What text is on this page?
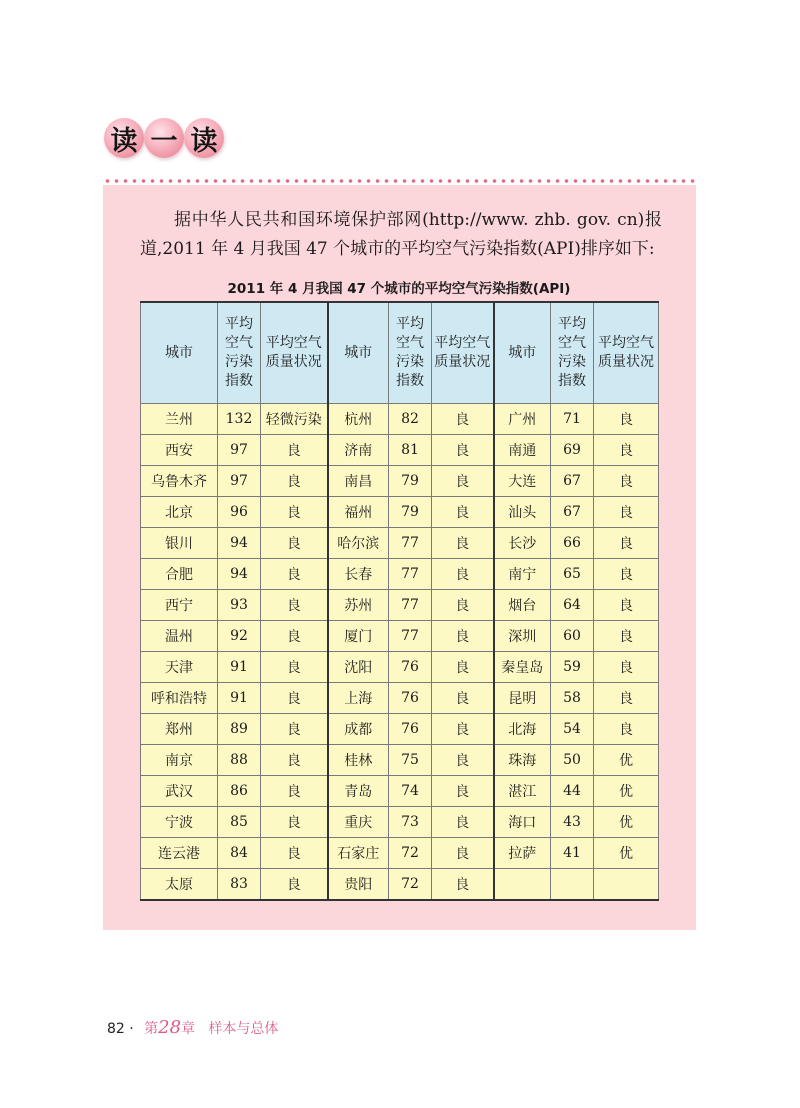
读 一 读

据中华人民共和国环境保护部网(http://www. zhb. gov. cn)报道,2011 年 4 月我国 47 个城市的平均空气污染指数(API)排序如下:

2011 年 4 月我国 47 个城市的平均空气污染指数(API)
城市	平均空气污染指数	平均空气质量状况	城市	平均空气污染指数	平均空气质量状况	城市	平均空气污染指数	平均空气质量状况
兰州	132	轻微污染	杭州	82	良	广州	71	良
西安	97	良	济南	81	良	南通	69	良
乌鲁木齐	97	良	南昌	79	良	大连	67	良
北京	96	良	福州	79	良	汕头	67	良
银川	94	良	哈尔滨	77	良	长沙	66	良
合肥	94	良	长春	77	良	南宁	65	良
西宁	93	良	苏州	77	良	烟台	64	良
温州	92	良	厦门	77	良	深圳	60	良
天津	91	良	沈阳	76	良	秦皇岛	59	良
呼和浩特	91	良	上海	76	良	昆明	58	良
郑州	89	良	成都	76	良	北海	54	良
南京	88	良	桂林	75	良	珠海	50	优
武汉	86	良	青岛	74	良	湛江	44	优
宁波	85	良	重庆	73	良	海口	43	优
连云港	84	良	石家庄	72	良	拉萨	41	优
太原	83	良	贵阳	72	良			
82 · 第28章 样本与总体
